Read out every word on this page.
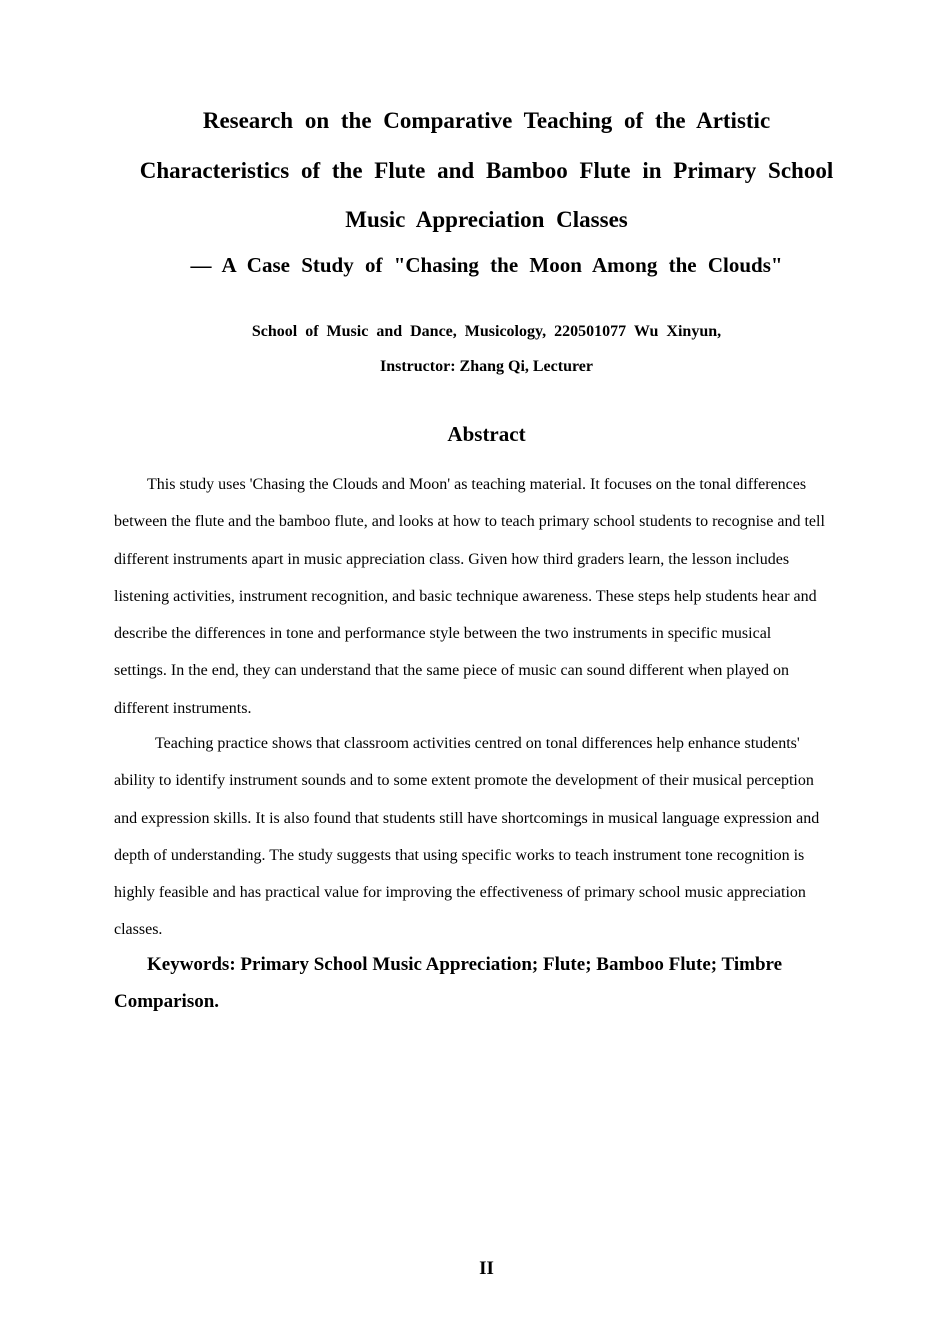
Research on the Comparative Teaching of the Artistic
Characteristics of the Flute and Bamboo Flute in Primary School
Music Appreciation Classes
— A Case Study of "Chasing the Moon Among the Clouds"
School of Music and Dance, Musicology, 220501077 Wu Xinyun,
Instructor: Zhang Qi, Lecturer
Abstract
This study uses 'Chasing the Clouds and Moon' as teaching material. It focuses on the tonal differences
between the flute and the bamboo flute, and looks at how to teach primary school students to recognise and tell
different instruments apart in music appreciation class. Given how third graders learn, the lesson includes
listening activities, instrument recognition, and basic technique awareness. These steps help students hear and
describe the differences in tone and performance style between the two instruments in specific musical
settings. In the end, they can understand that the same piece of music can sound different when played on
different instruments.
Teaching practice shows that classroom activities centred on tonal differences help enhance students'
ability to identify instrument sounds and to some extent promote the development of their musical perception
and expression skills. It is also found that students still have shortcomings in musical language expression and
depth of understanding. The study suggests that using specific works to teach instrument tone recognition is
highly feasible and has practical value for improving the effectiveness of primary school music appreciation
classes.
Keywords: Primary School Music Appreciation; Flute; Bamboo Flute; Timbre
Comparison.
II
